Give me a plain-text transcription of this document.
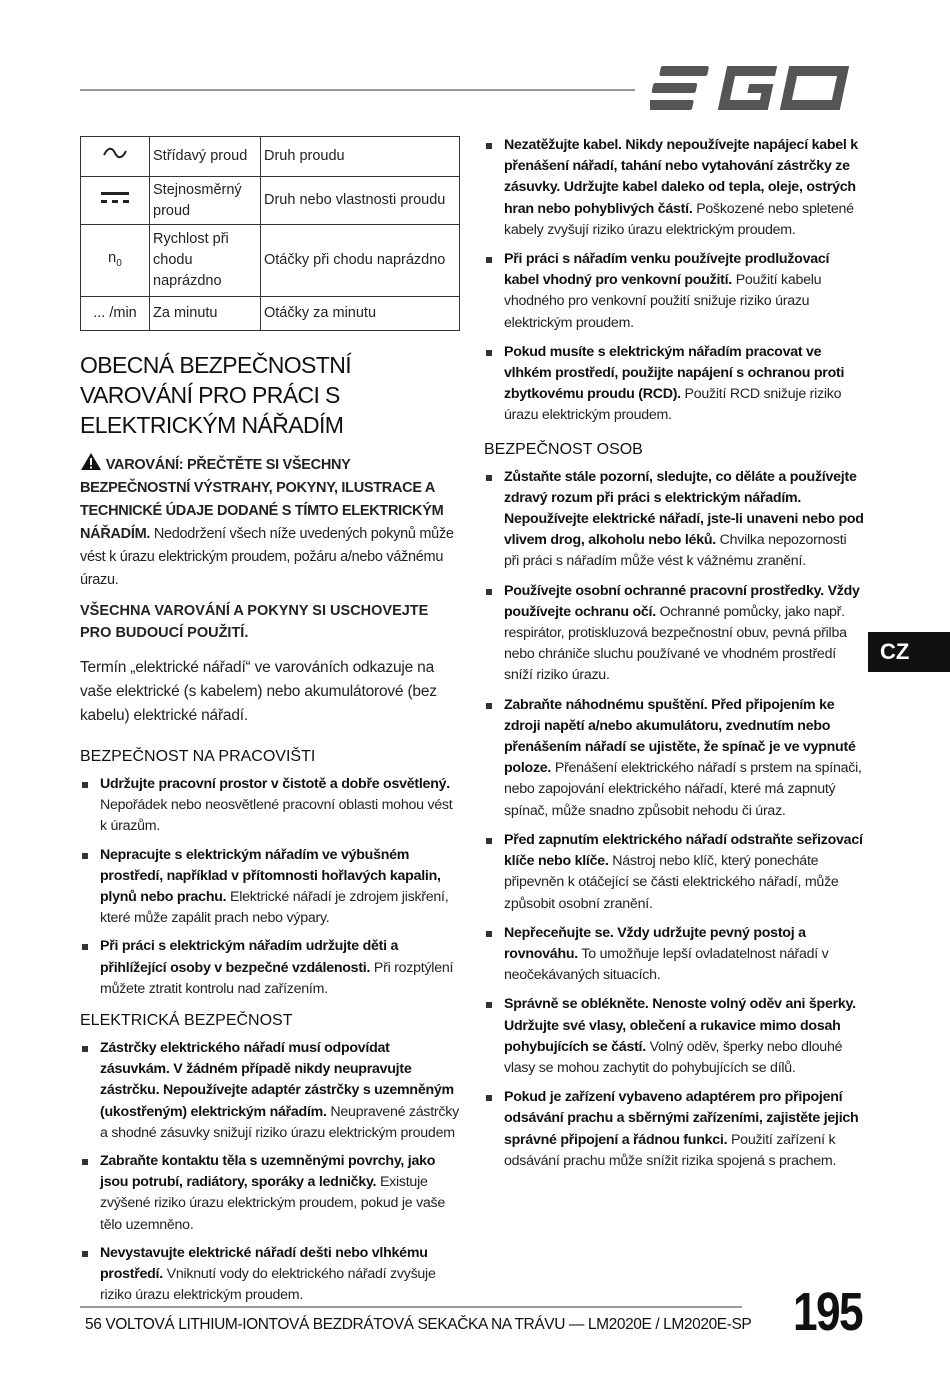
CZ
	Střídavý proud	Druh proudu
	Stejnosměrný proud	Druh nebo vlastnosti proudu
$n_0$	Rychlost při chodu naprázdno	Otáčky při chodu naprázdno
... /min	Za minutu	Otáčky za minutu
OBECNÁ BEZPEČNOSTNÍ VAROVÁNÍ PRO PRÁCI S ELEKTRICKÝM NÁŘADÍM

VAROVÁNÍ: PŘEČTĚTE SI VŠECHNY BEZPEČNOSTNÍ VÝSTRAHY, POKYNY, ILUSTRACE A TECHNICKÉ ÚDAJE DODANÉ S TÍMTO ELEKTRICKÝM NÁŘADÍM. Nedodržení všech níže uvedených pokynů může vést k úrazu elektrickým proudem, požáru a/nebo vážnému úrazu.

VŠECHNA VAROVÁNÍ A POKYNY SI USCHOVEJTE PRO BUDOUCÍ POUŽITÍ.

Termín „elektrické nářadí“ ve varováních odkazuje na vaše elektrické (s kabelem) nebo akumulátorové (bez kabelu) elektrické nářadí.

BEZPEČNOST NA PRACOVIŠTI
Udržujte pracovní prostor v čistotě a dobře osvětlený. Nepořádek nebo neosvětlené pracovní oblasti mohou vést k úrazům.
Nepracujte s elektrickým nářadím ve výbušném prostředí, například v přítomnosti hořlavých kapalin, plynů nebo prachu. Elektrické nářadí je zdrojem jiskření, které může zapálit prach nebo výpary.
Při práci s elektrickým nářadím udržujte děti a přihlížející osoby v bezpečné vzdálenosti. Při rozptýlení můžete ztratit kontrolu nad zařízením.
ELEKTRICKÁ BEZPEČNOST
Zástrčky elektrického nářadí musí odpovídat zásuvkám. V žádném případě nikdy neupravujte zástrčku. Nepoužívejte adaptér zástrčky s uzemněným (ukostřeným) elektrickým nářadím. Neupravené zástrčky a shodné zásuvky snižují riziko úrazu elektrickým proudem
Zabraňte kontaktu těla s uzemněnými povrchy, jako jsou potrubí, radiátory, sporáky a ledničky. Existuje zvýšené riziko úrazu elektrickým proudem, pokud je vaše tělo uzemněno.
Nevystavujte elektrické nářadí dešti nebo vlhkému prostředí. Vniknutí vody do elektrického nářadí zvyšuje riziko úrazu elektrickým proudem.
Nezatěžujte kabel. Nikdy nepoužívejte napájecí kabel k přenášení nářadí, tahání nebo vytahování zástrčky ze zásuvky. Udržujte kabel daleko od tepla, oleje, ostrých hran nebo pohyblivých částí. Poškozené nebo spletené kabely zvyšují riziko úrazu elektrickým proudem.
Při práci s nářadím venku používejte prodlužovací kabel vhodný pro venkovní použití. Použití kabelu vhodného pro venkovní použití snižuje riziko úrazu elektrickým proudem.
Pokud musíte s elektrickým nářadím pracovat ve vlhkém prostředí, použijte napájení s ochranou proti zbytkovému proudu (RCD). Použití RCD snižuje riziko úrazu elektrickým proudem.
BEZPEČNOST OSOB
Zůstaňte stále pozorní, sledujte, co děláte a používejte zdravý rozum při práci s elektrickým nářadím. Nepoužívejte elektrické nářadí, jste-li unaveni nebo pod vlivem drog, alkoholu nebo léků. Chvilka nepozornosti při práci s nářadím může vést k vážnému zranění.
Používejte osobní ochranné pracovní prostředky. Vždy používejte ochranu očí. Ochranné pomůcky, jako např. respirátor, protiskluzová bezpečnostní obuv, pevná přilba nebo chrániče sluchu používané ve vhodném prostředí sníží riziko úrazu.
Zabraňte náhodnému spuštění. Před připojením ke zdroji napětí a/nebo akumulátoru, zvednutím nebo přenášením nářadí se ujistěte, že spínač je ve vypnuté poloze. Přenášení elektrického nářadí s prstem na spínači, nebo zapojování elektrického nářadí, které má zapnutý spínač, může snadno způsobit nehodu či úraz.
Před zapnutím elektrického nářadí odstraňte seřizovací klíče nebo klíče. Nástroj nebo klíč, který ponecháte připevněn k otáčející se části elektrického nářadí, může způsobit osobní zranění.
Nepřeceňujte se. Vždy udržujte pevný postoj a rovnováhu. To umožňuje lepší ovladatelnost nářadí v neočekávaných situacích.
Správně se oblékněte. Nenoste volný oděv ani šperky. Udržujte své vlasy, oblečení a rukavice mimo dosah pohybujících se částí. Volný oděv, šperky nebo dlouhé vlasy se mohou zachytit do pohybujících se dílů.
Pokud je zařízení vybaveno adaptérem pro připojení odsávání prachu a sběrnými zařízeními, zajistěte jejich správné připojení a řádnou funkci. Použití zařízení k odsávání prachu může snížit rizika spojená s prachem.
56 VOLTOVÁ LITHIUM-IONTOVÁ BEZDRÁTOVÁ SEKAČKA NA TRÁVU — LM2020E / LM2020E-SP 195
